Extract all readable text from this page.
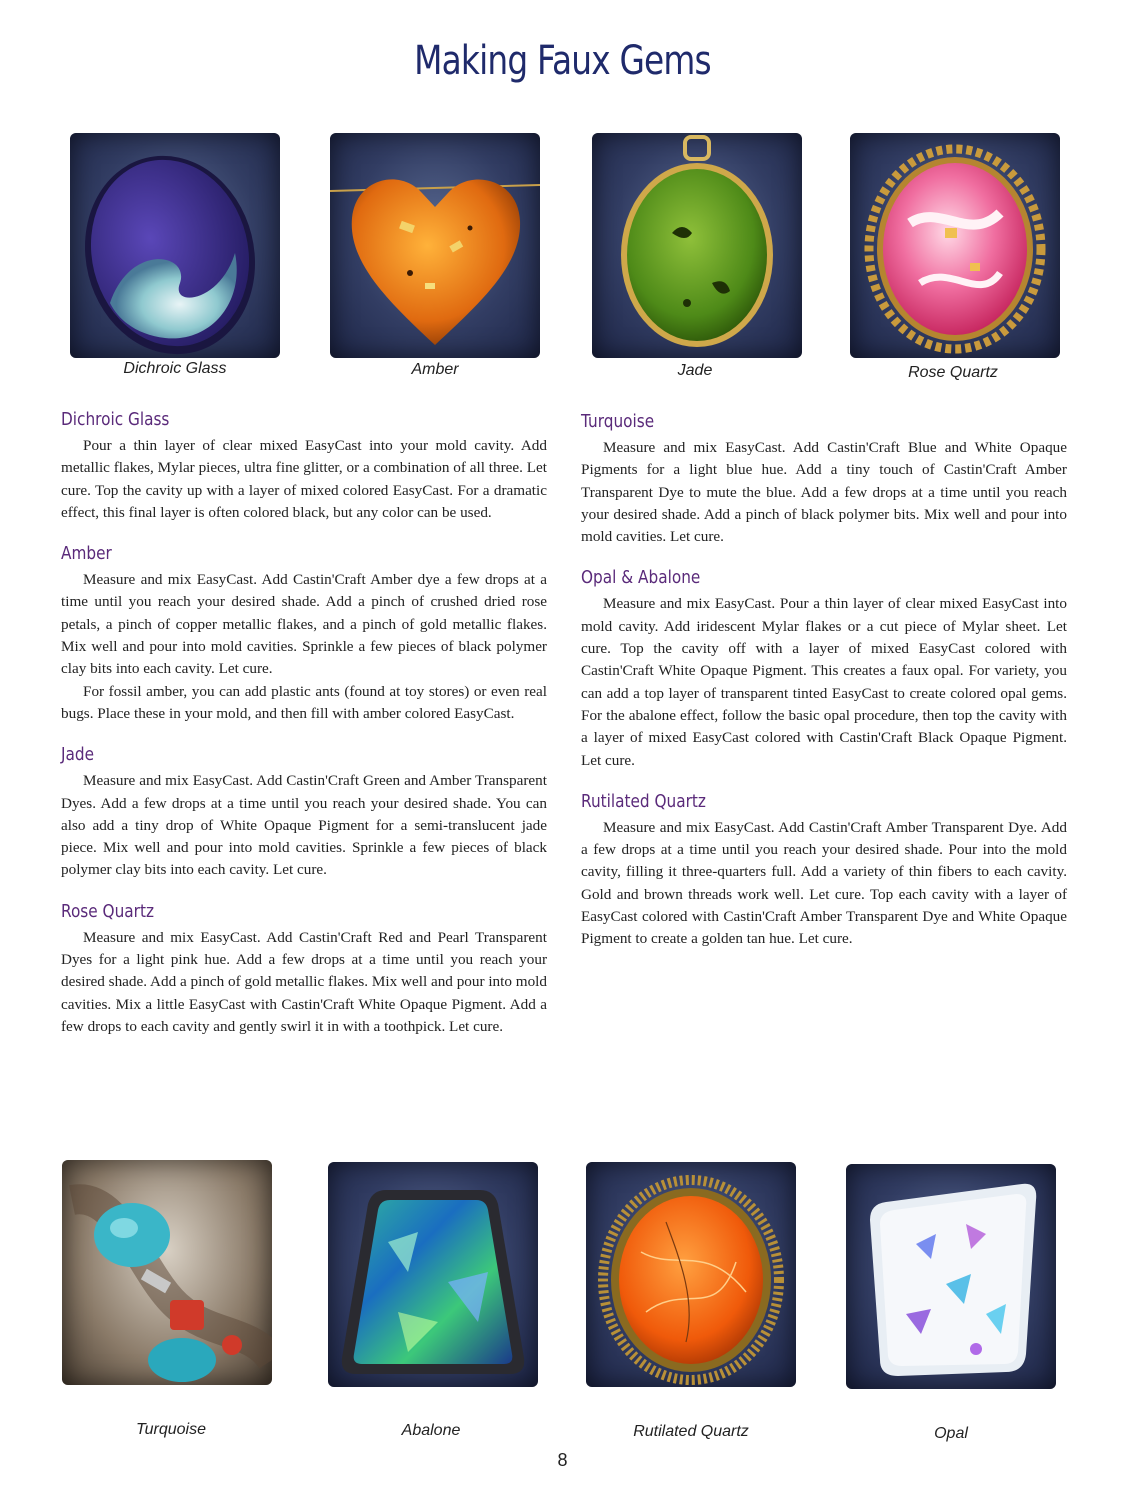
Making Faux Gems
Dichroic Glass	Amber	Jade	Rose Quartz
Dichroic Glass

Pour a thin layer of clear mixed EasyCast into your mold cavity. Add metallic flakes, Mylar pieces, ultra fine glitter, or a combination of all three. Let cure. Top the cavity up with a layer of mixed colored EasyCast. For a dramatic effect, this final layer is often colored black, but any color can be used.

Amber

Measure and mix EasyCast. Add Castin'Craft Amber dye a few drops at a time until you reach your desired shade. Add a pinch of crushed dried rose petals, a pinch of copper metallic flakes, and a pinch of gold metallic flakes. Mix well and pour into mold cavities. Sprinkle a few pieces of black polymer clay bits into each cavity. Let cure.

For fossil amber, you can add plastic ants (found at toy stores) or even real bugs. Place these in your mold, and then fill with amber colored EasyCast.

Jade

Measure and mix EasyCast. Add Castin'Craft Green and Amber Transparent Dyes. Add a few drops at a time until you reach your desired shade. You can also add a tiny drop of White Opaque Pigment for a semi-translucent jade piece. Mix well and pour into mold cavities. Sprinkle a few pieces of black polymer clay bits into each cavity. Let cure.

Rose Quartz

Measure and mix EasyCast. Add Castin'Craft Red and Pearl Transparent Dyes for a light pink hue. Add a few drops at a time until you reach your desired shade. Add a pinch of gold metallic flakes. Mix well and pour into mold cavities. Mix a little EasyCast with Castin'Craft White Opaque Pigment. Add a few drops to each cavity and gently swirl it in with a toothpick. Let cure.

Turquoise

Measure and mix EasyCast. Add Castin'Craft Blue and White Opaque Pigments for a light blue hue. Add a tiny touch of Castin'Craft Amber Transparent Dye to mute the blue. Add a few drops at a time until you reach your desired shade. Add a pinch of black polymer bits. Mix well and pour into mold cavities. Let cure.

Opal & Abalone

Measure and mix EasyCast. Pour a thin layer of clear mixed EasyCast into mold cavity. Add iridescent Mylar flakes or a cut piece of Mylar sheet. Let cure. Top the cavity off with a layer of mixed EasyCast colored with Castin'Craft White Opaque Pigment. This creates a faux opal. For variety, you can add a top layer of transparent tinted EasyCast to create colored opal gems. For the abalone effect, follow the basic opal procedure, then top the cavity with a layer of mixed EasyCast colored with Castin'Craft Black Opaque Pigment. Let cure.

Rutilated Quartz

Measure and mix EasyCast. Add Castin'Craft Amber Transparent Dye. Add a few drops at a time until you reach your desired shade. Pour into the mold cavity, filling it three-quarters full. Add a variety of thin fibers to each cavity. Gold and brown threads work well. Let cure. Top each cavity with a layer of EasyCast colored with Castin'Craft Amber Transparent Dye and White Opaque Pigment to create a golden tan hue. Let cure.

Turquoise	Abalone	Rutilated Quartz	Opal
8
